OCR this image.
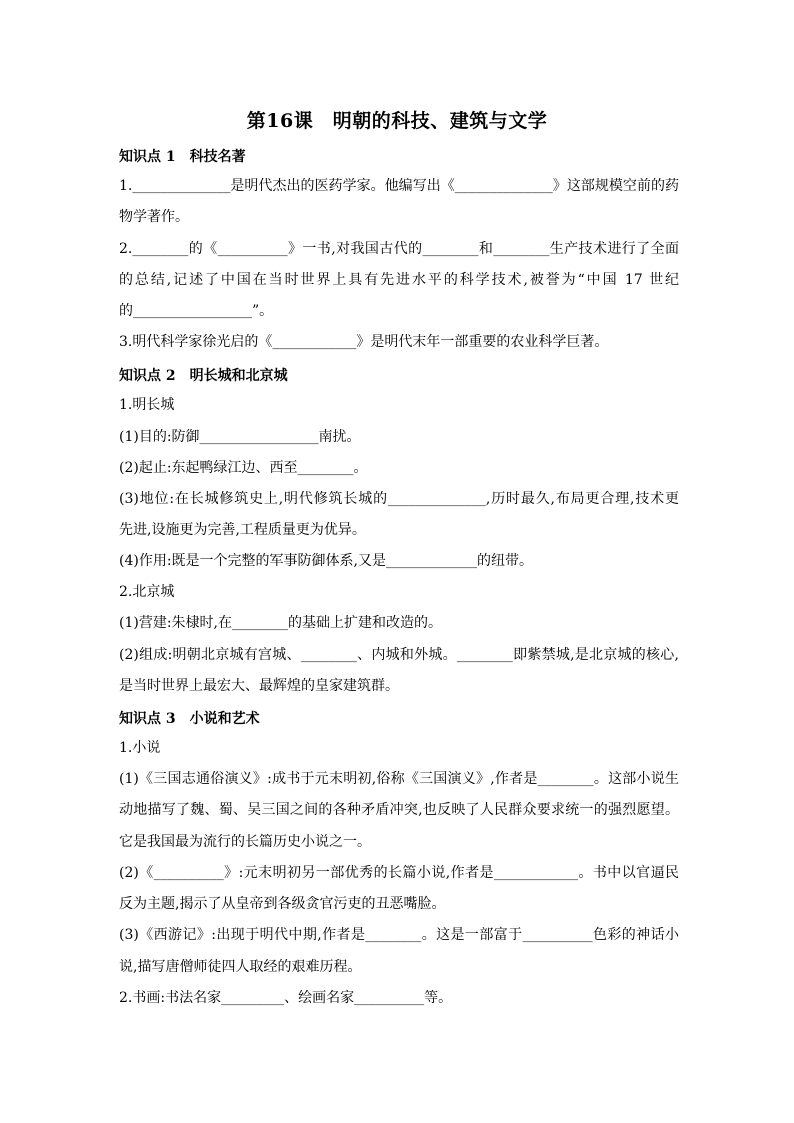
第16课　明朝的科技、建筑与文学
知识点 1　科技名著
1.______________是明代杰出的医药学家。他编写出《______________》这部规模空前的药
物学著作。
2.________的《__________》一书,对我国古代的________和________生产技术进行了全面
的总结,记述了中国在当时世界上具有先进水平的科学技术,被誉为“中国 17 世纪
的_________________”。
3.明代科学家徐光启的《____________》是明代末年一部重要的农业科学巨著。
知识点 2　明长城和北京城
1.明长城
(1)目的:防御_________________南扰。
(2)起止:东起鸭绿江边、西至________。
(3)地位:在长城修筑史上,明代修筑长城的______________,历时最久,布局更合理,技术更
先进,设施更为完善,工程质量更为优异。
(4)作用:既是一个完整的军事防御体系,又是_____________的纽带。
2.北京城
(1)营建:朱棣时,在________的基础上扩建和改造的。
(2)组成:明朝北京城有宫城、________、内城和外城。________即紫禁城,是北京城的核心,
是当时世界上最宏大、最辉煌的皇家建筑群。
知识点 3　小说和艺术
1.小说
(1)《三国志通俗演义》:成书于元末明初,俗称《三国演义》,作者是________。这部小说生
动地描写了魏、蜀、吴三国之间的各种矛盾冲突,也反映了人民群众要求统一的强烈愿望。
它是我国最为流行的长篇历史小说之一。
(2)《__________》:元末明初另一部优秀的长篇小说,作者是____________。书中以官逼民
反为主题,揭示了从皇帝到各级贪官污吏的丑恶嘴脸。
(3)《西游记》:出现于明代中期,作者是________。这是一部富于__________色彩的神话小
说,描写唐僧师徒四人取经的艰难历程。
2.书画:书法名家_________、绘画名家__________等。
